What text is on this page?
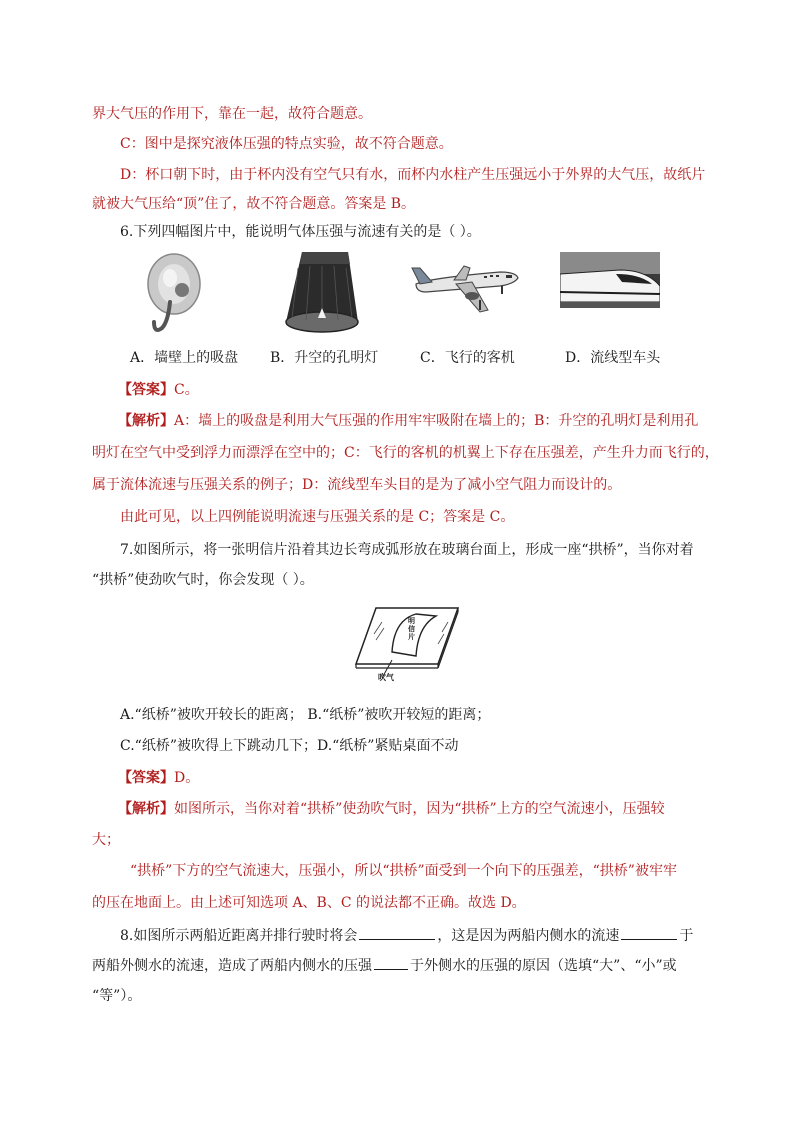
界大气压的作用下，靠在一起，故符合题意。
C：图中是探究液体压强的特点实验，故不符合题意。
D：杯口朝下时，由于杯内没有空气只有水，而杯内水柱产生压强远小于外界的大气压，故纸片
就被大气压给“顶”住了，故不符合题意。答案是 B。
6.下列四幅图片中，能说明气体压强与流速有关的是（ ）。
A．墙壁上的吸盘 B．升空的孔明灯	C．飞行的客机	D．流线型车头
【答案】C。
【解析】A：墙上的吸盘是利用大气压强的作用牢牢吸附在墙上的；B：升空的孔明灯是利用孔
明灯在空气中受到浮力而漂浮在空中的；C：飞行的客机的机翼上下存在压强差，产生升力而飞行的，
属于流体流速与压强关系的例子；D：流线型车头目的是为了减小空气阻力而设计的。
由此可见，以上四例能说明流速与压强关系的是 C；答案是 C。
7.如图所示，将一张明信片沿着其边长弯成弧形放在玻璃台面上，形成一座“拱桥”，当你对着
“拱桥”使劲吹气时，你会发现（ ）。
吹气
明信片
A.“纸桥”被吹开较长的距离； B.“纸桥”被吹开较短的距离；
C.“纸桥”被吹得上下跳动几下；D.“纸桥”紧贴桌面不动
【答案】D。
【解析】如图所示，当你对着“拱桥”使劲吹气时，因为“拱桥”上方的空气流速小，压强较
大；
“拱桥”下方的空气流速大，压强小，所以“拱桥”面受到一个向下的压强差，“拱桥”被牢牢
的压在地面上。由上述可知选项 A、B、C 的说法都不正确。故选 D。
8.如图所示两船近距离并排行驶时将会	，这是因为两船内侧水的流速	于
两船外侧水的流速，造成了两船内侧水的压强	于外侧水的压强的原因（选填“大”、“小”或
“等”）。
